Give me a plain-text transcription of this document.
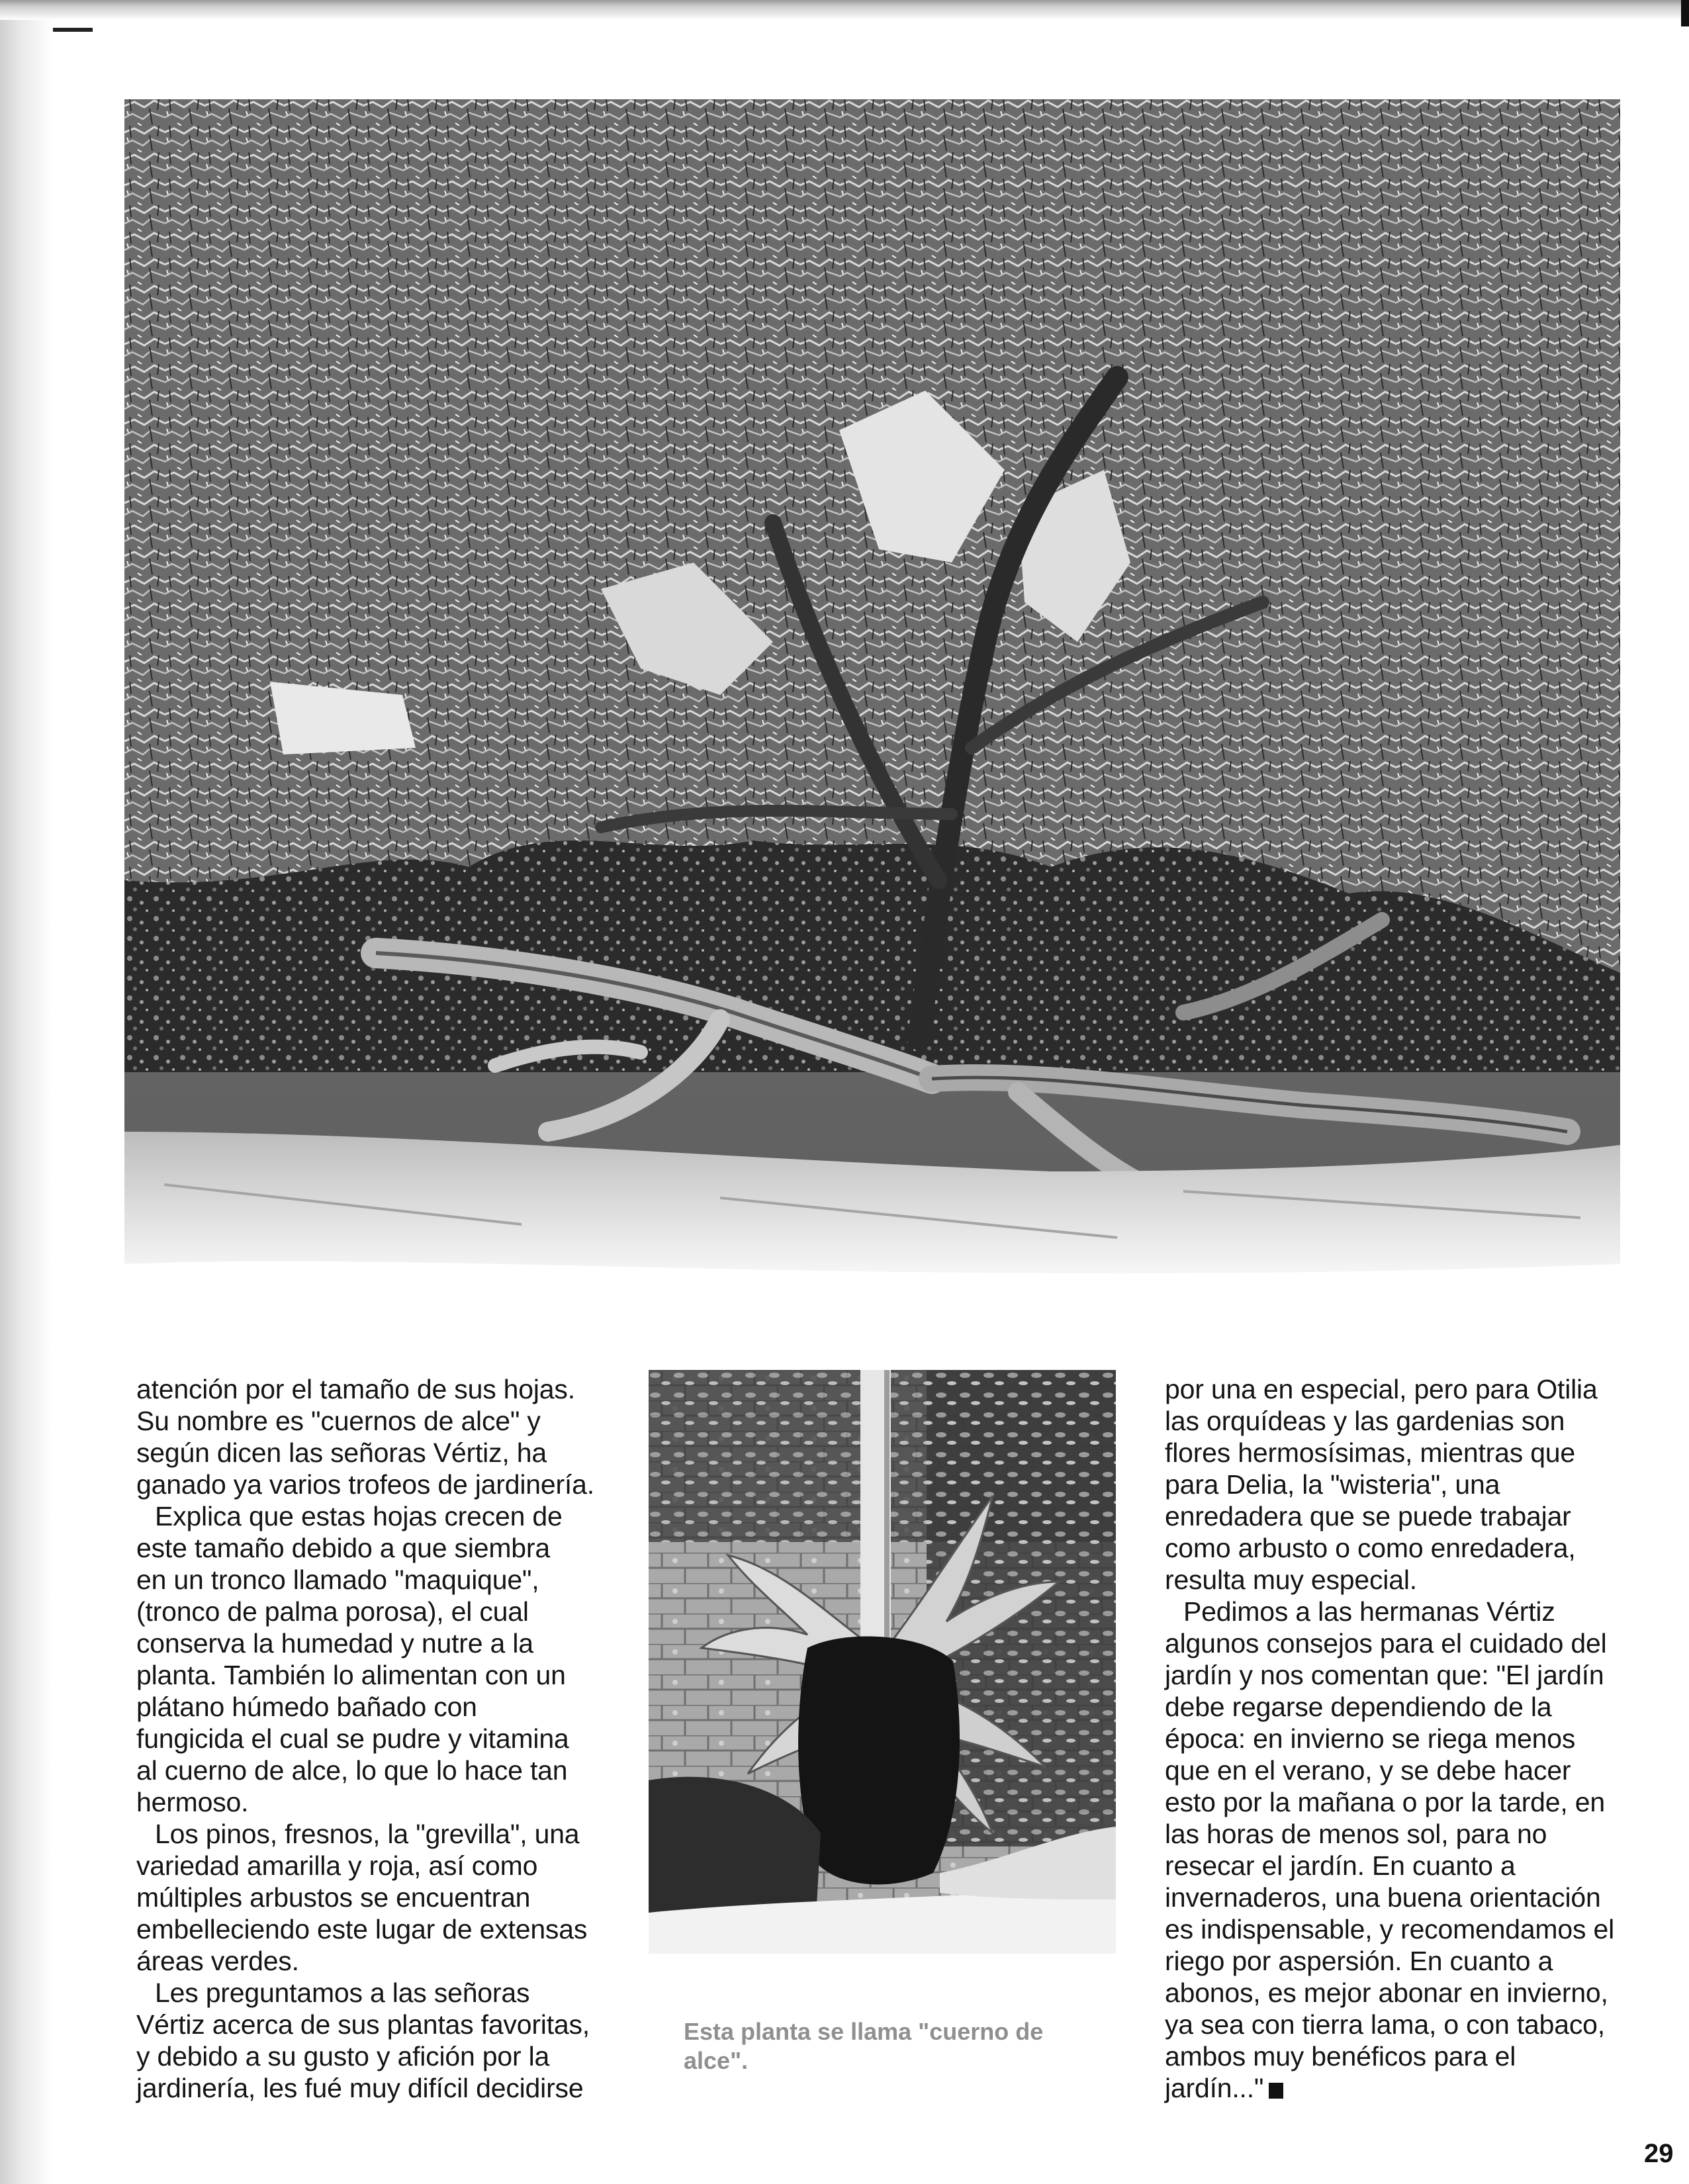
atención por el tamaño de sus hojas.

Su nombre es "cuernos de alce" y

según dicen las señoras Vértiz, ha

ganado ya varios trofeos de jardinería.

Explica que estas hojas crecen de

este tamaño debido a que siembra

en un tronco llamado "maquique",

(tronco de palma porosa), el cual

conserva la humedad y nutre a la

planta. También lo alimentan con un

plátano húmedo bañado con

fungicida el cual se pudre y vitamina

al cuerno de alce, lo que lo hace tan

hermoso.

Los pinos, fresnos, la "grevilla", una

variedad amarilla y roja, así como

múltiples arbustos se encuentran

embelleciendo este lugar de extensas

áreas verdes.

Les preguntamos a las señoras

Vértiz acerca de sus plantas favoritas,

y debido a su gusto y afición por la

jardinería, les fué muy difícil decidirse

Esta planta se llama "cuerno de
alce".

por una en especial, pero para Otilia

las orquídeas y las gardenias son

flores hermosísimas, mientras que

para Delia, la "wisteria", una

enredadera que se puede trabajar

como arbusto o como enredadera,

resulta muy especial.

Pedimos a las hermanas Vértiz

algunos consejos para el cuidado del

jardín y nos comentan que: "El jardín

debe regarse dependiendo de la

época: en invierno se riega menos

que en el verano, y se debe hacer

esto por la mañana o por la tarde, en

las horas de menos sol, para no

resecar el jardín. En cuanto a

invernaderos, una buena orientación

es indispensable, y recomendamos el

riego por aspersión. En cuanto a

abonos, es mejor abonar en invierno,

ya sea con tierra lama, o con tabaco,

ambos muy benéficos para el

jardín..."

29
